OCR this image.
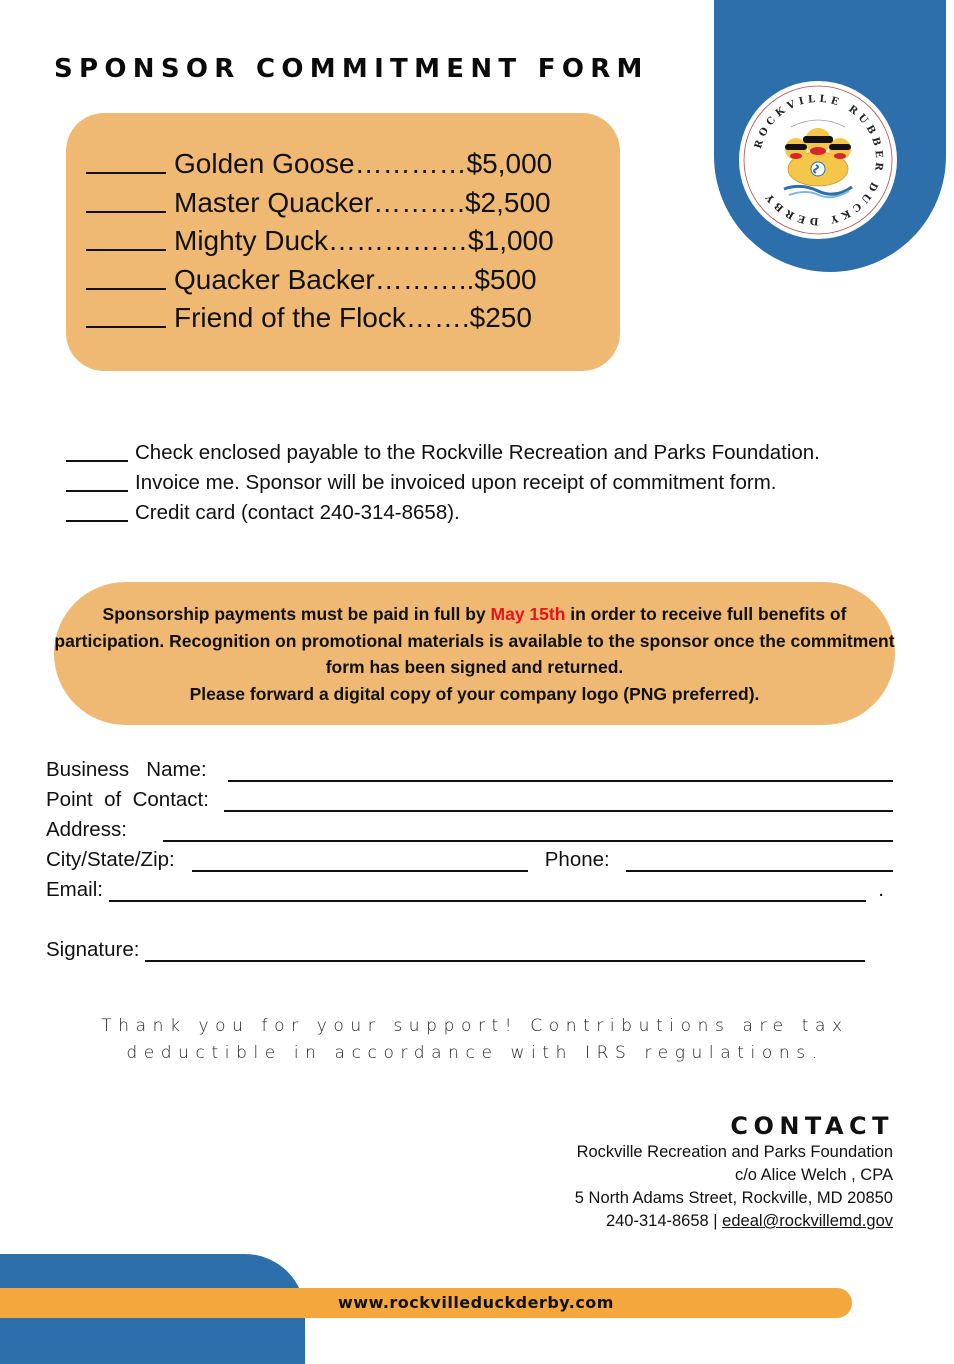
SPONSOR COMMITMENT FORM
ROCKVILLE RUBBER DUCKY DERBY
Golden Goose ………… $5,000
Master Quacker ………. $2,500
Mighty Duck …………… $1,000
Quacker Backer ……….. $500
Friend of the Flock ……. $250
Check enclosed payable to the Rockville Recreation and Parks Foundation.
Invoice me. Sponsor will be invoiced upon receipt of commitment form.
Credit card (contact 240-314-8658).
Sponsorship payments must be paid in full by May 15th in order to receive full benefits of participation. Recognition on promotional materials is available to the sponsor once the commitment form has been signed and returned.
Please forward a digital copy of your company logo (PNG preferred).
Business   Name:
Point  of  Contact:
Address:
City/State/Zip:	Phone:
Email:	.
Signature:
Thank you for your support! Contributions are tax
deductible in accordance with IRS regulations.
CONTACT
Rockville Recreation and Parks Foundation
c/o Alice Welch , CPA
5 North Adams Street, Rockville, MD 20850
240-314-8658 | edeal@rockvillemd.gov
www.rockvilleduckderby.com
